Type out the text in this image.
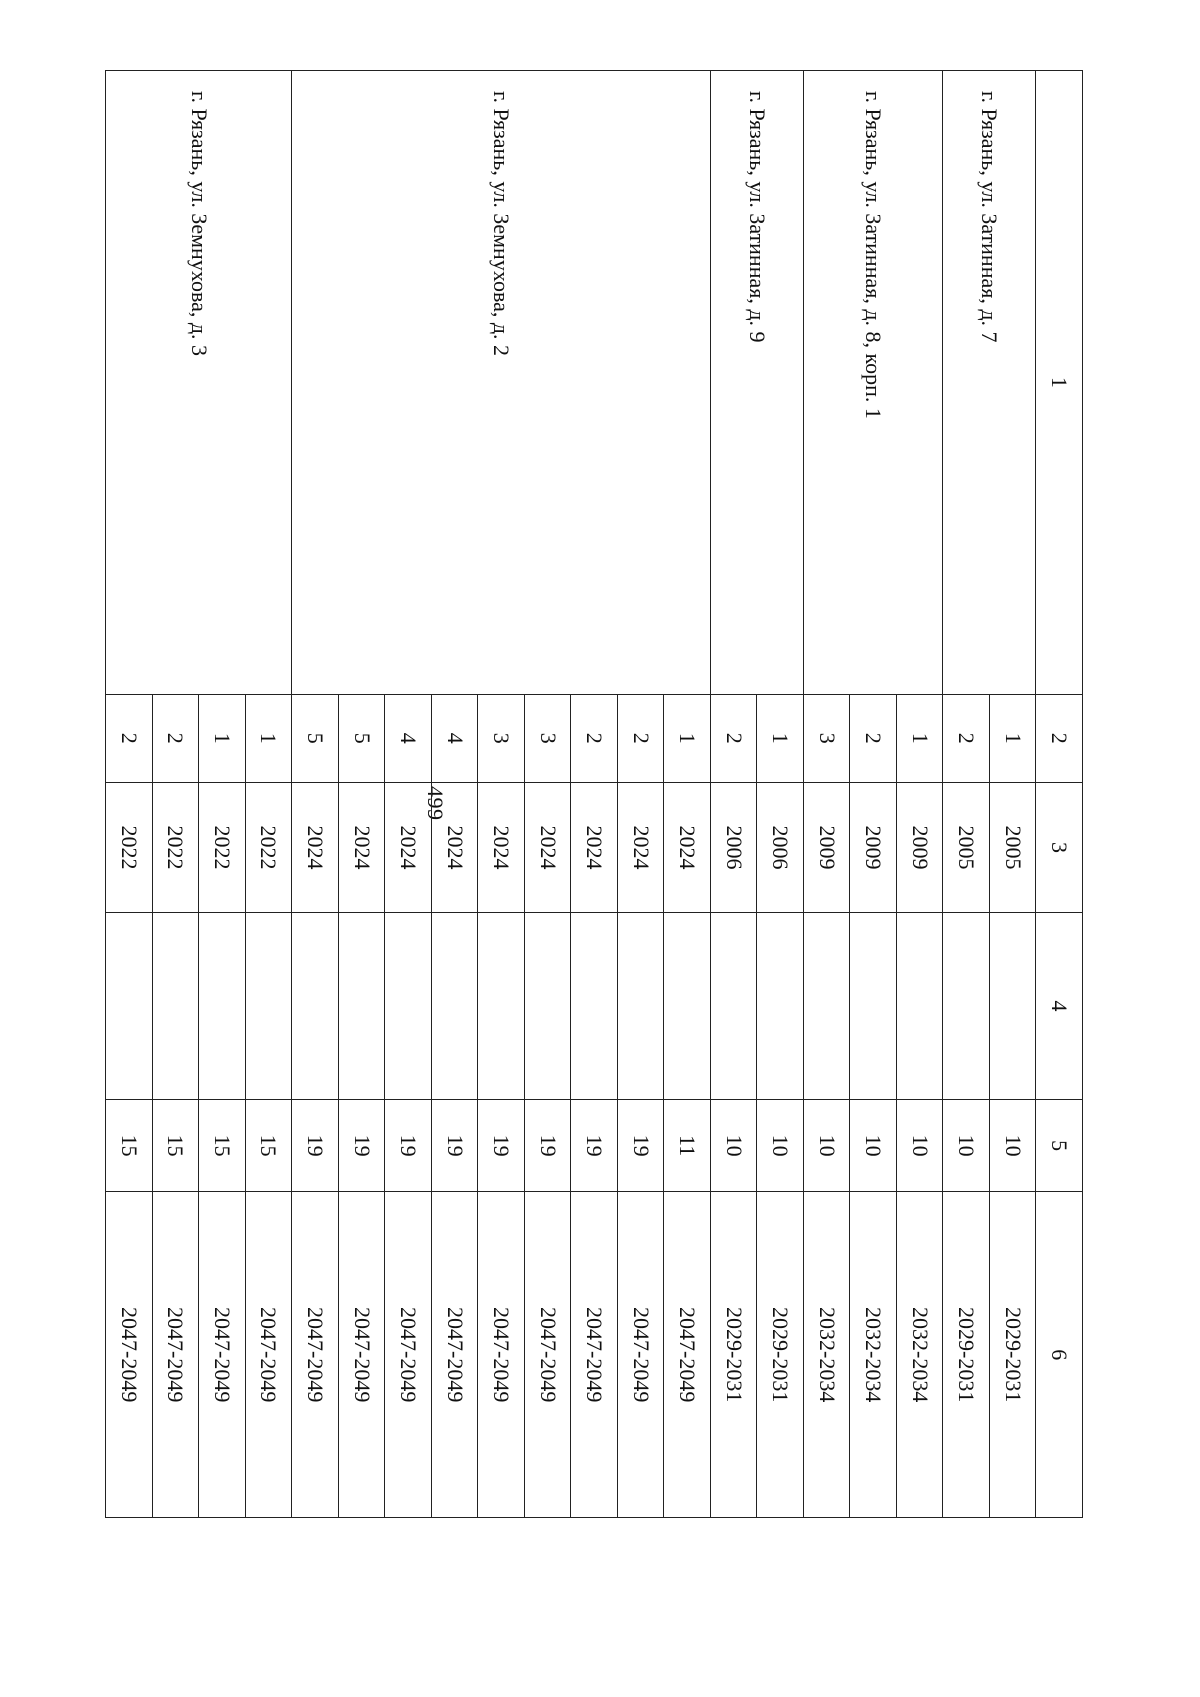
499
1	2	3	4	5	6
г. Рязань, ул. Затинная, д. 7	1	2005		10	2029-2031
	2	2005		10	2029-2031
г. Рязань, ул. Затинная, д. 8, корп. 1	1	2009		10	2032-2034
	2	2009		10	2032-2034
	3	2009		10	2032-2034
г. Рязань, ул. Затинная, д. 9	1	2006		10	2029-2031
	2	2006		10	2029-2031
г. Рязань, ул. Земнухова, д. 2	1	2024		11	2047-2049
	2	2024		19	2047-2049
	2	2024		19	2047-2049
	3	2024		19	2047-2049
	3	2024		19	2047-2049
	4	2024		19	2047-2049
	4	2024		19	2047-2049
	5	2024		19	2047-2049
	5	2024		19	2047-2049
г. Рязань, ул. Земнухова, д. 3	1	2022		15	2047-2049
	1	2022		15	2047-2049
	2	2022		15	2047-2049
	2	2022		15	2047-2049
